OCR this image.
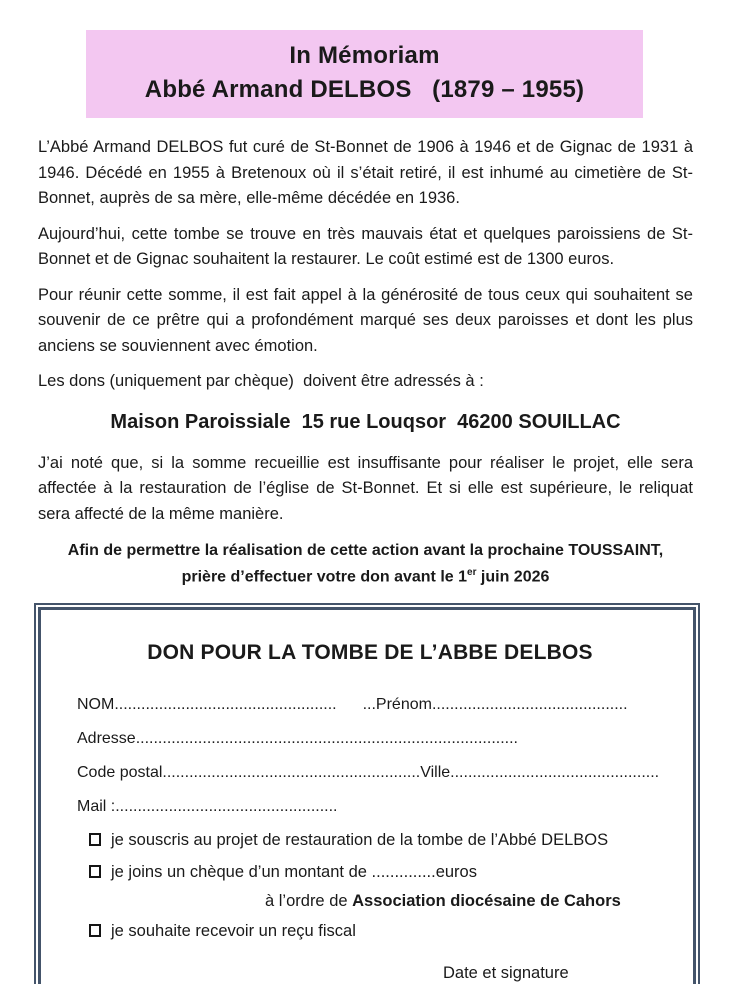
In Mémoriam
Abbé Armand DELBOS   (1879 – 1955)

L’Abbé Armand DELBOS fut curé de St-Bonnet de 1906 à 1946 et de Gignac de 1931 à 1946. Décédé en 1955 à Bretenoux où il s’était retiré, il est inhumé au cimetière de St-Bonnet, auprès de sa mère, elle-même décédée en 1936.

Aujourd’hui, cette tombe se trouve en très mauvais état et quelques paroissiens de St-Bonnet et de Gignac souhaitent la restaurer. Le coût estimé est de 1300 euros.

Pour réunir cette somme, il est fait appel à la générosité de tous ceux qui souhaitent se souvenir de ce prêtre qui a profondément marqué ses deux paroisses et dont les plus anciens se souviennent avec émotion.

Les dons (uniquement par chèque)  doivent être adressés à :

Maison Paroissiale  15 rue Louqsor  46200 SOUILLAC

J’ai noté que, si la somme recueillie est insuffisante pour réaliser le projet, elle sera affectée à la restauration de l’église de St-Bonnet. Et si elle est supérieure, le reliquat sera affecté de la même manière.

Afin de permettre la réalisation de cette action avant la prochaine TOUSSAINT,
prière d’effectuer votre don avant le 1er juin 2026
DON POUR LA TOMBE DE L’ABBE DELBOS
NOM.................................................. ...Prénom............................................
Adresse......................................................................................
Code postal..........................................................Ville...............................................
Mail :..................................................
je souscris au projet de restauration de la tombe de l’Abbé DELBOS
je joins un chèque d’un montant de ..............euros
à l’ordre de Association diocésaine de Cahors
je souhaite recevoir un reçu fiscal
Date et signature
